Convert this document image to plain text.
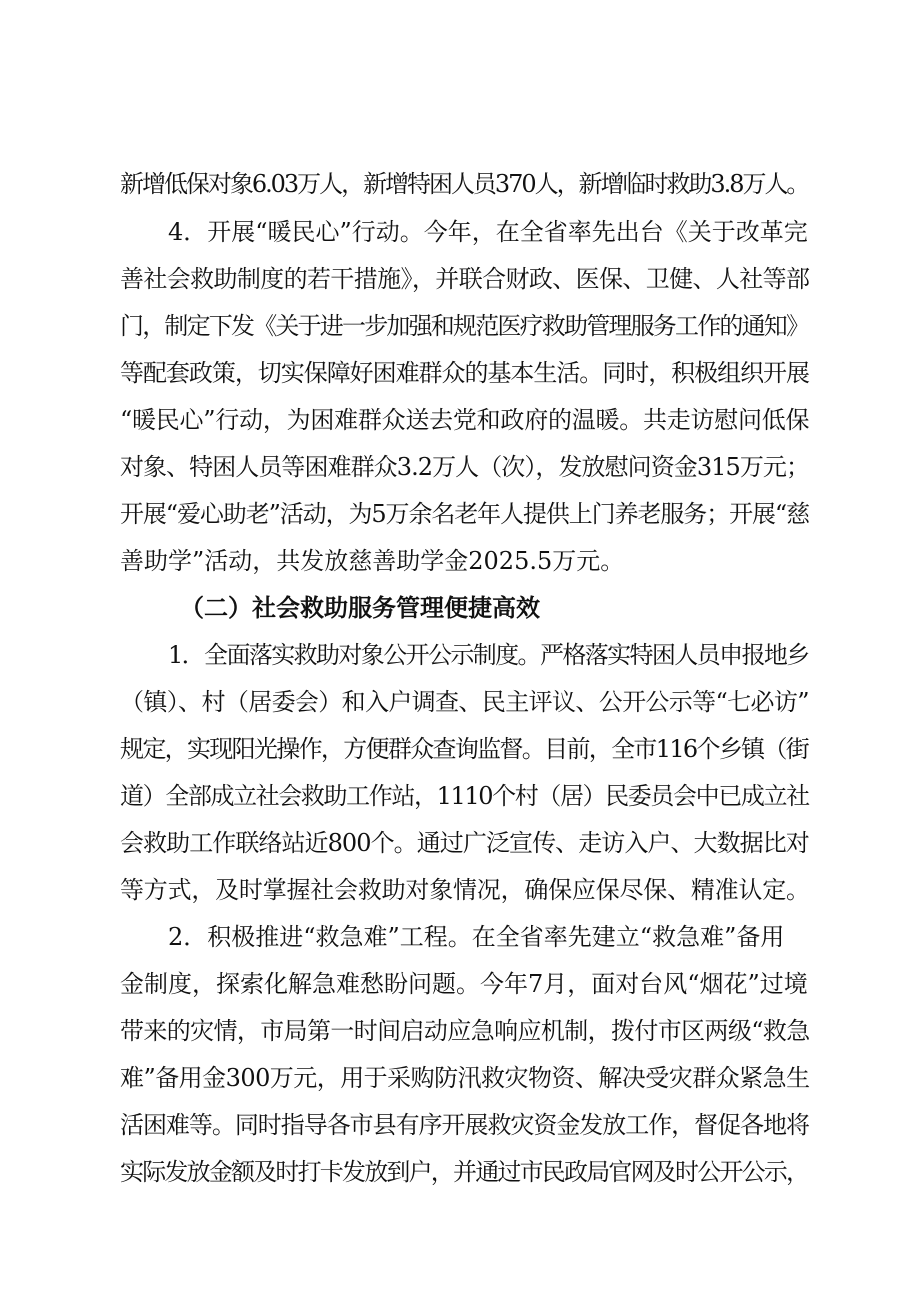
新增低保对象6.03万人，新增特困人员370人，新增临时救助3.8万人。
4．开展“暖民心”行动。今年，在全省率先出台《关于改革完
善社会救助制度的若干措施》，并联合财政、医保、卫健、人社等部
门，制定下发《关于进一步加强和规范医疗救助管理服务工作的通知》
等配套政策，切实保障好困难群众的基本生活。同时，积极组织开展
“暖民心”行动，为困难群众送去党和政府的温暖。共走访慰问低保
对象、特困人员等困难群众3.2万人（次），发放慰问资金315万元；
开展“爱心助老”活动，为5万余名老年人提供上门养老服务；开展“慈
善助学”活动，共发放慈善助学金2025.5万元。
（二）社会救助服务管理便捷高效
1．全面落实救助对象公开公示制度。严格落实特困人员申报地乡
（镇）、村（居委会）和入户调查、民主评议、公开公示等“七必访”
规定，实现阳光操作，方便群众查询监督。目前，全市116个乡镇（街
道）全部成立社会救助工作站，1110个村（居）民委员会中已成立社
会救助工作联络站近800个。通过广泛宣传、走访入户、大数据比对
等方式，及时掌握社会救助对象情况，确保应保尽保、精准认定。
2．积极推进“救急难”工程。在全省率先建立“救急难”备用
金制度，探索化解急难愁盼问题。今年7月，面对台风“烟花”过境
带来的灾情，市局第一时间启动应急响应机制，拨付市区两级“救急
难”备用金300万元，用于采购防汛救灾物资、解决受灾群众紧急生
活困难等。同时指导各市县有序开展救灾资金发放工作，督促各地将
实际发放金额及时打卡发放到户，并通过市民政局官网及时公开公示，
